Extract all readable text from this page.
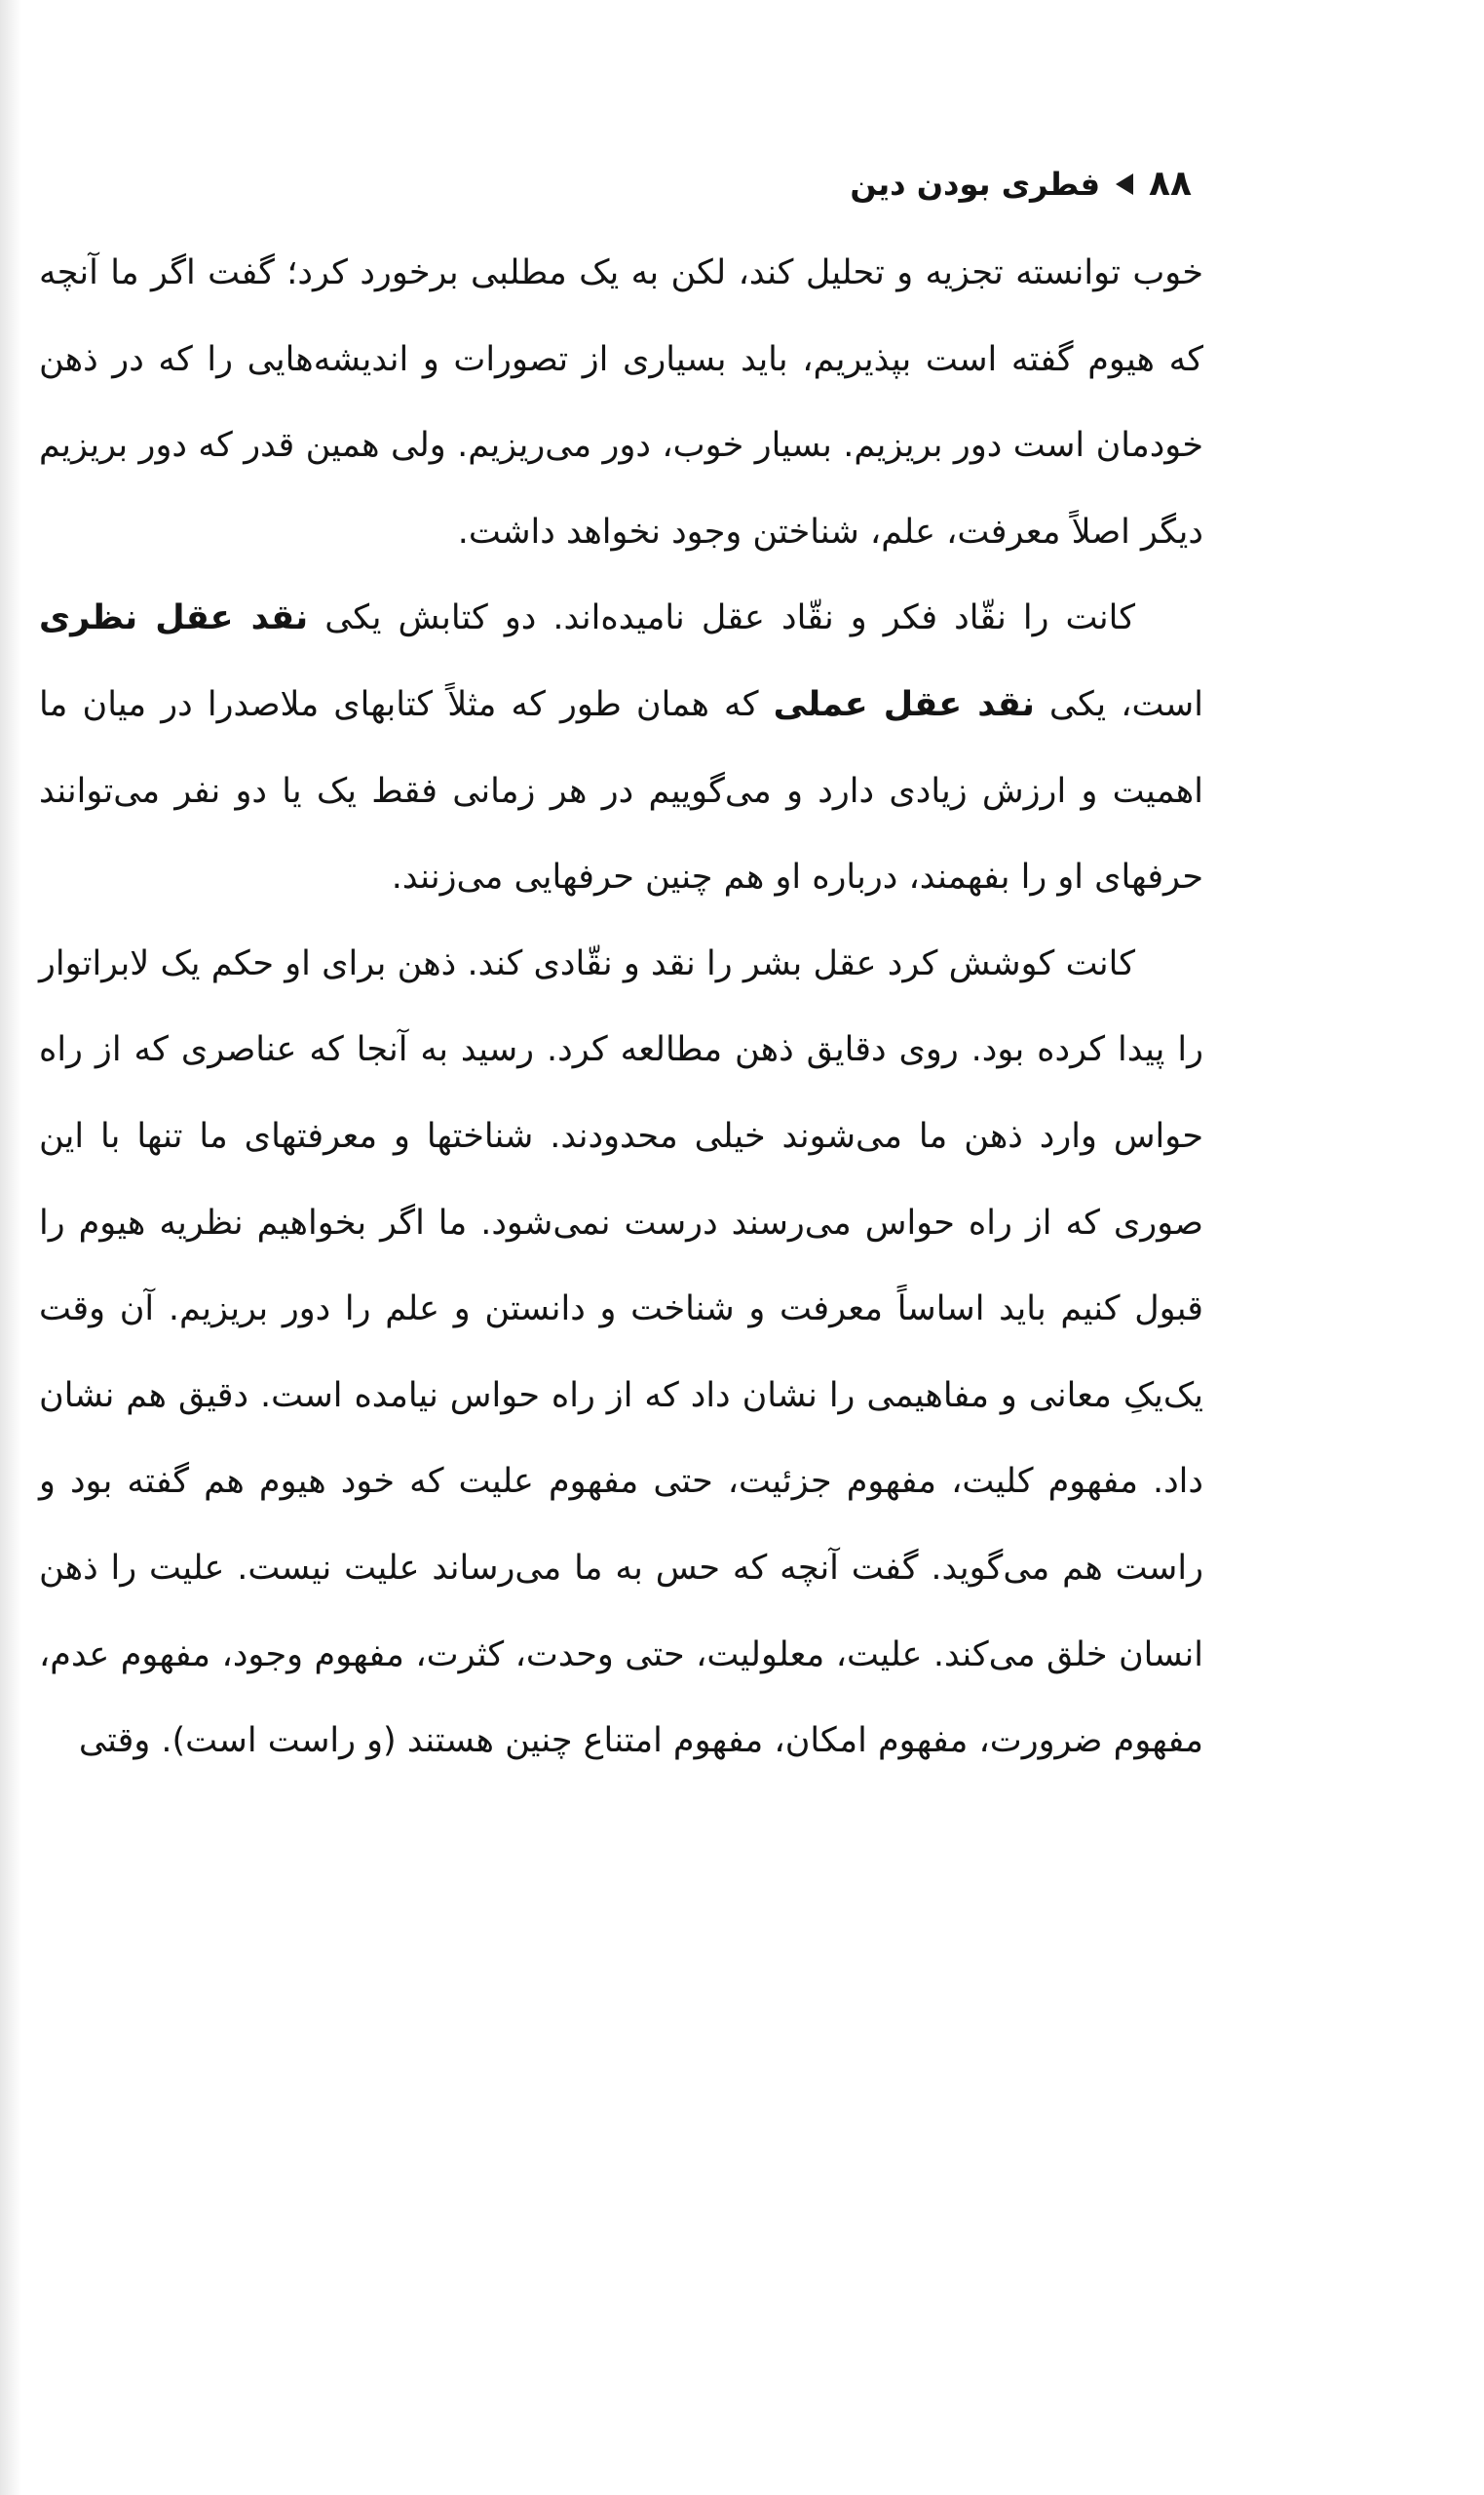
۸۸
فطری بودن دین

خوب توانسته تجزیه و تحلیل کند، لکن به یک مطلبی برخورد کرد؛ گفت اگر ما آنچه که هیوم گفته است بپذیریم، باید بسیاری از تصورات و اندیشه‌هایی را که در ذهن خودمان است دور بریزیم. بسیار خوب، دور می‌ریزیم. ولی همین قدر که دور بریزیم دیگر اصلاً معرفت، علم، شناختن وجود نخواهد داشت.

کانت را نقّاد فکر و نقّاد عقل نامیده‌اند. دو کتابش یکی نقد عقل نظری است، یکی نقد عقل عملی که همان طور که مثلاً کتابهای ملاصدرا در میان ما اهمیت و ارزش زیادی دارد و می‌گوییم در هر زمانی فقط یک یا دو نفر می‌توانند حرفهای او را بفهمند، درباره او هم چنین حرفهایی می‌زنند.

کانت کوشش کرد عقل بشر را نقد و نقّادی کند. ذهن برای او حکم یک لابراتوار را پیدا کرده بود. روی دقایق ذهن مطالعه کرد. رسید به آنجا که عناصری که از راه حواس وارد ذهن ما می‌شوند خیلی محدودند. شناختها و معرفتهای ما تنها با این صوری که از راه حواس می‌رسند درست نمی‌شود. ما اگر بخواهیم نظریه هیوم را قبول کنیم باید اساساً معرفت و شناخت و دانستن و علم را دور بریزیم. آن وقت یک‌یکِ معانی و مفاهیمی را نشان داد که از راه حواس نیامده است. دقیق هم نشان داد. مفهوم کلیت، مفهوم جزئیت، حتی مفهوم علیت که خود هیوم هم گفته بود و راست هم می‌گوید. گفت آنچه که حس به ما می‌رساند علیت نیست. علیت را ذهن انسان خلق می‌کند. علیت، معلولیت، حتی وحدت، کثرت، مفهوم وجود، مفهوم عدم، مفهوم ضرورت، مفهوم امکان، مفهوم امتناع چنین هستند (و راست است). وقتی
